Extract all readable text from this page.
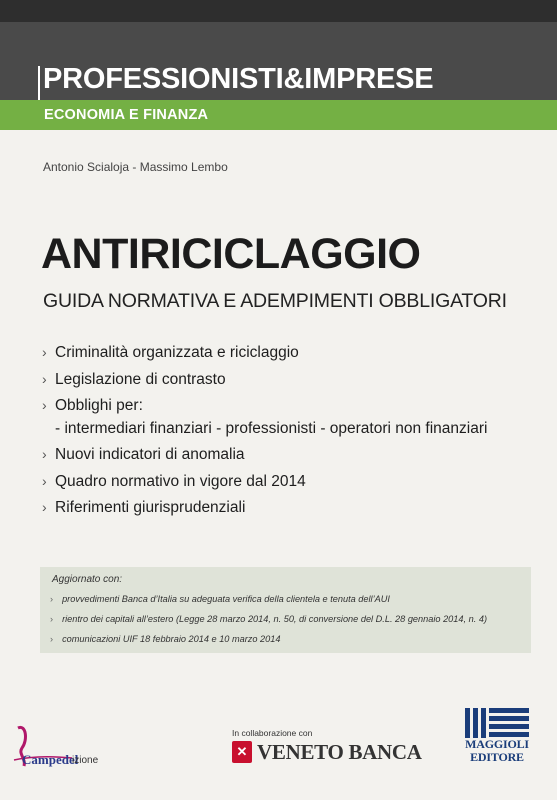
PROFESSIONISTI&IMPRESE
ECONOMIA E FINANZA
Antonio Scialoja - Massimo Lembo
ANTIRICICLAGGIO
GUIDA NORMATIVA E ADEMPIMENTI OBBLIGATORI
› Criminalità organizzata e riciclaggio
› Legislazione di contrasto
› Obblighi per:
- intermediari finanziari - professionisti - operatori non finanziari
› Nuovi indicatori di anomalia
› Quadro normativo in vigore dal 2014
› Riferimenti giurisprudenziali
Aggiornato con:
› provvedimenti Banca d’Italia su adeguata verifica della clientela e tenuta dell’AUI
› rientro dei capitali all’estero (Legge 28 marzo 2014, n. 50, di conversione del D.L. 28 gennaio 2014, n. 4)
› comunicazioni UIF 18 febbraio 2014 e 10 marzo 2014
In collaborazione con
✕ VENETO BANCA	MAGGIOLI
EDITORE
Campedel
izione
